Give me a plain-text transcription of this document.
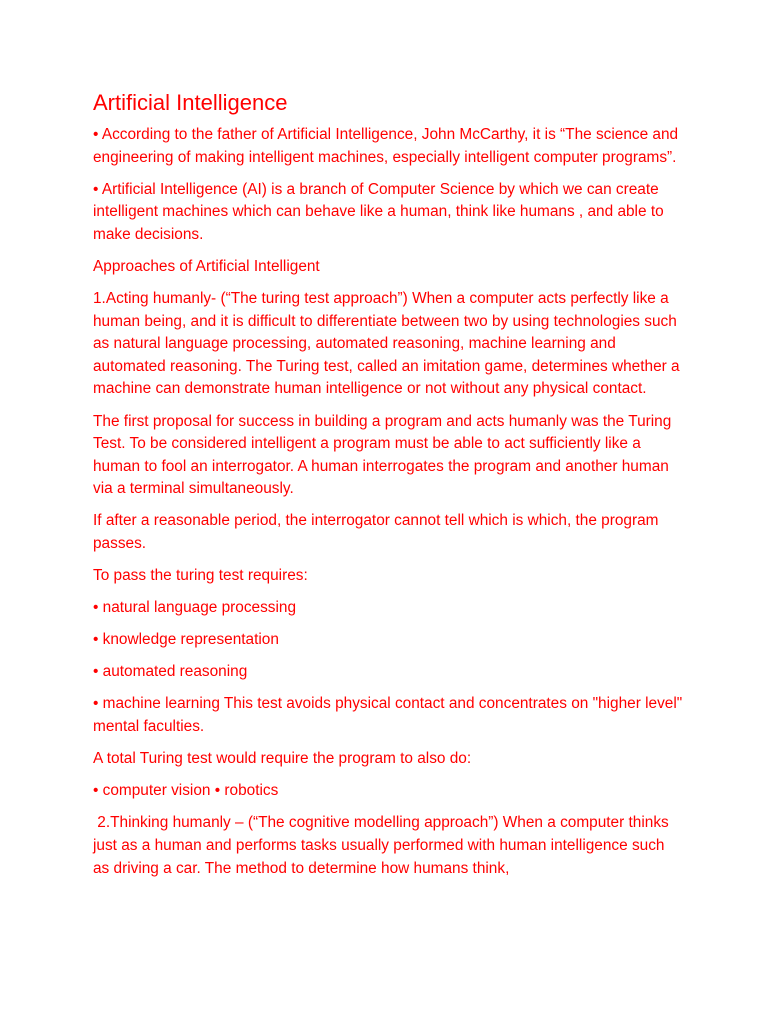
Artificial Intelligence

• According to the father of Artificial Intelligence, John McCarthy, it is “The science and engineering of making intelligent machines, especially intelligent computer programs”.

• Artificial Intelligence (AI) is a branch of Computer Science by which we can create intelligent machines which can behave like a human, think like humans , and able to make decisions.

Approaches of Artificial Intelligent

1.Acting humanly- (“The turing test approach”) When a computer acts perfectly like a human being, and it is difficult to differentiate between two by using technologies such as natural language processing, automated reasoning, machine learning and automated reasoning. The Turing test, called an imitation game, determines whether a machine can demonstrate human intelligence or not without any physical contact.

The first proposal for success in building a program and acts humanly was the Turing Test. To be considered intelligent a program must be able to act sufficiently like a human to fool an interrogator. A human interrogates the program and another human via a terminal simultaneously.

If after a reasonable period, the interrogator cannot tell which is which, the program passes.

To pass the turing test requires:

• natural language processing

• knowledge representation

• automated reasoning

• machine learning This test avoids physical contact and concentrates on "higher level" mental faculties.

A total Turing test would require the program to also do:

• computer vision • robotics

2.Thinking humanly – (“The cognitive modelling approach”) When a computer thinks just as a human and performs tasks usually performed with human intelligence such as driving a car. The method to determine how humans think,
